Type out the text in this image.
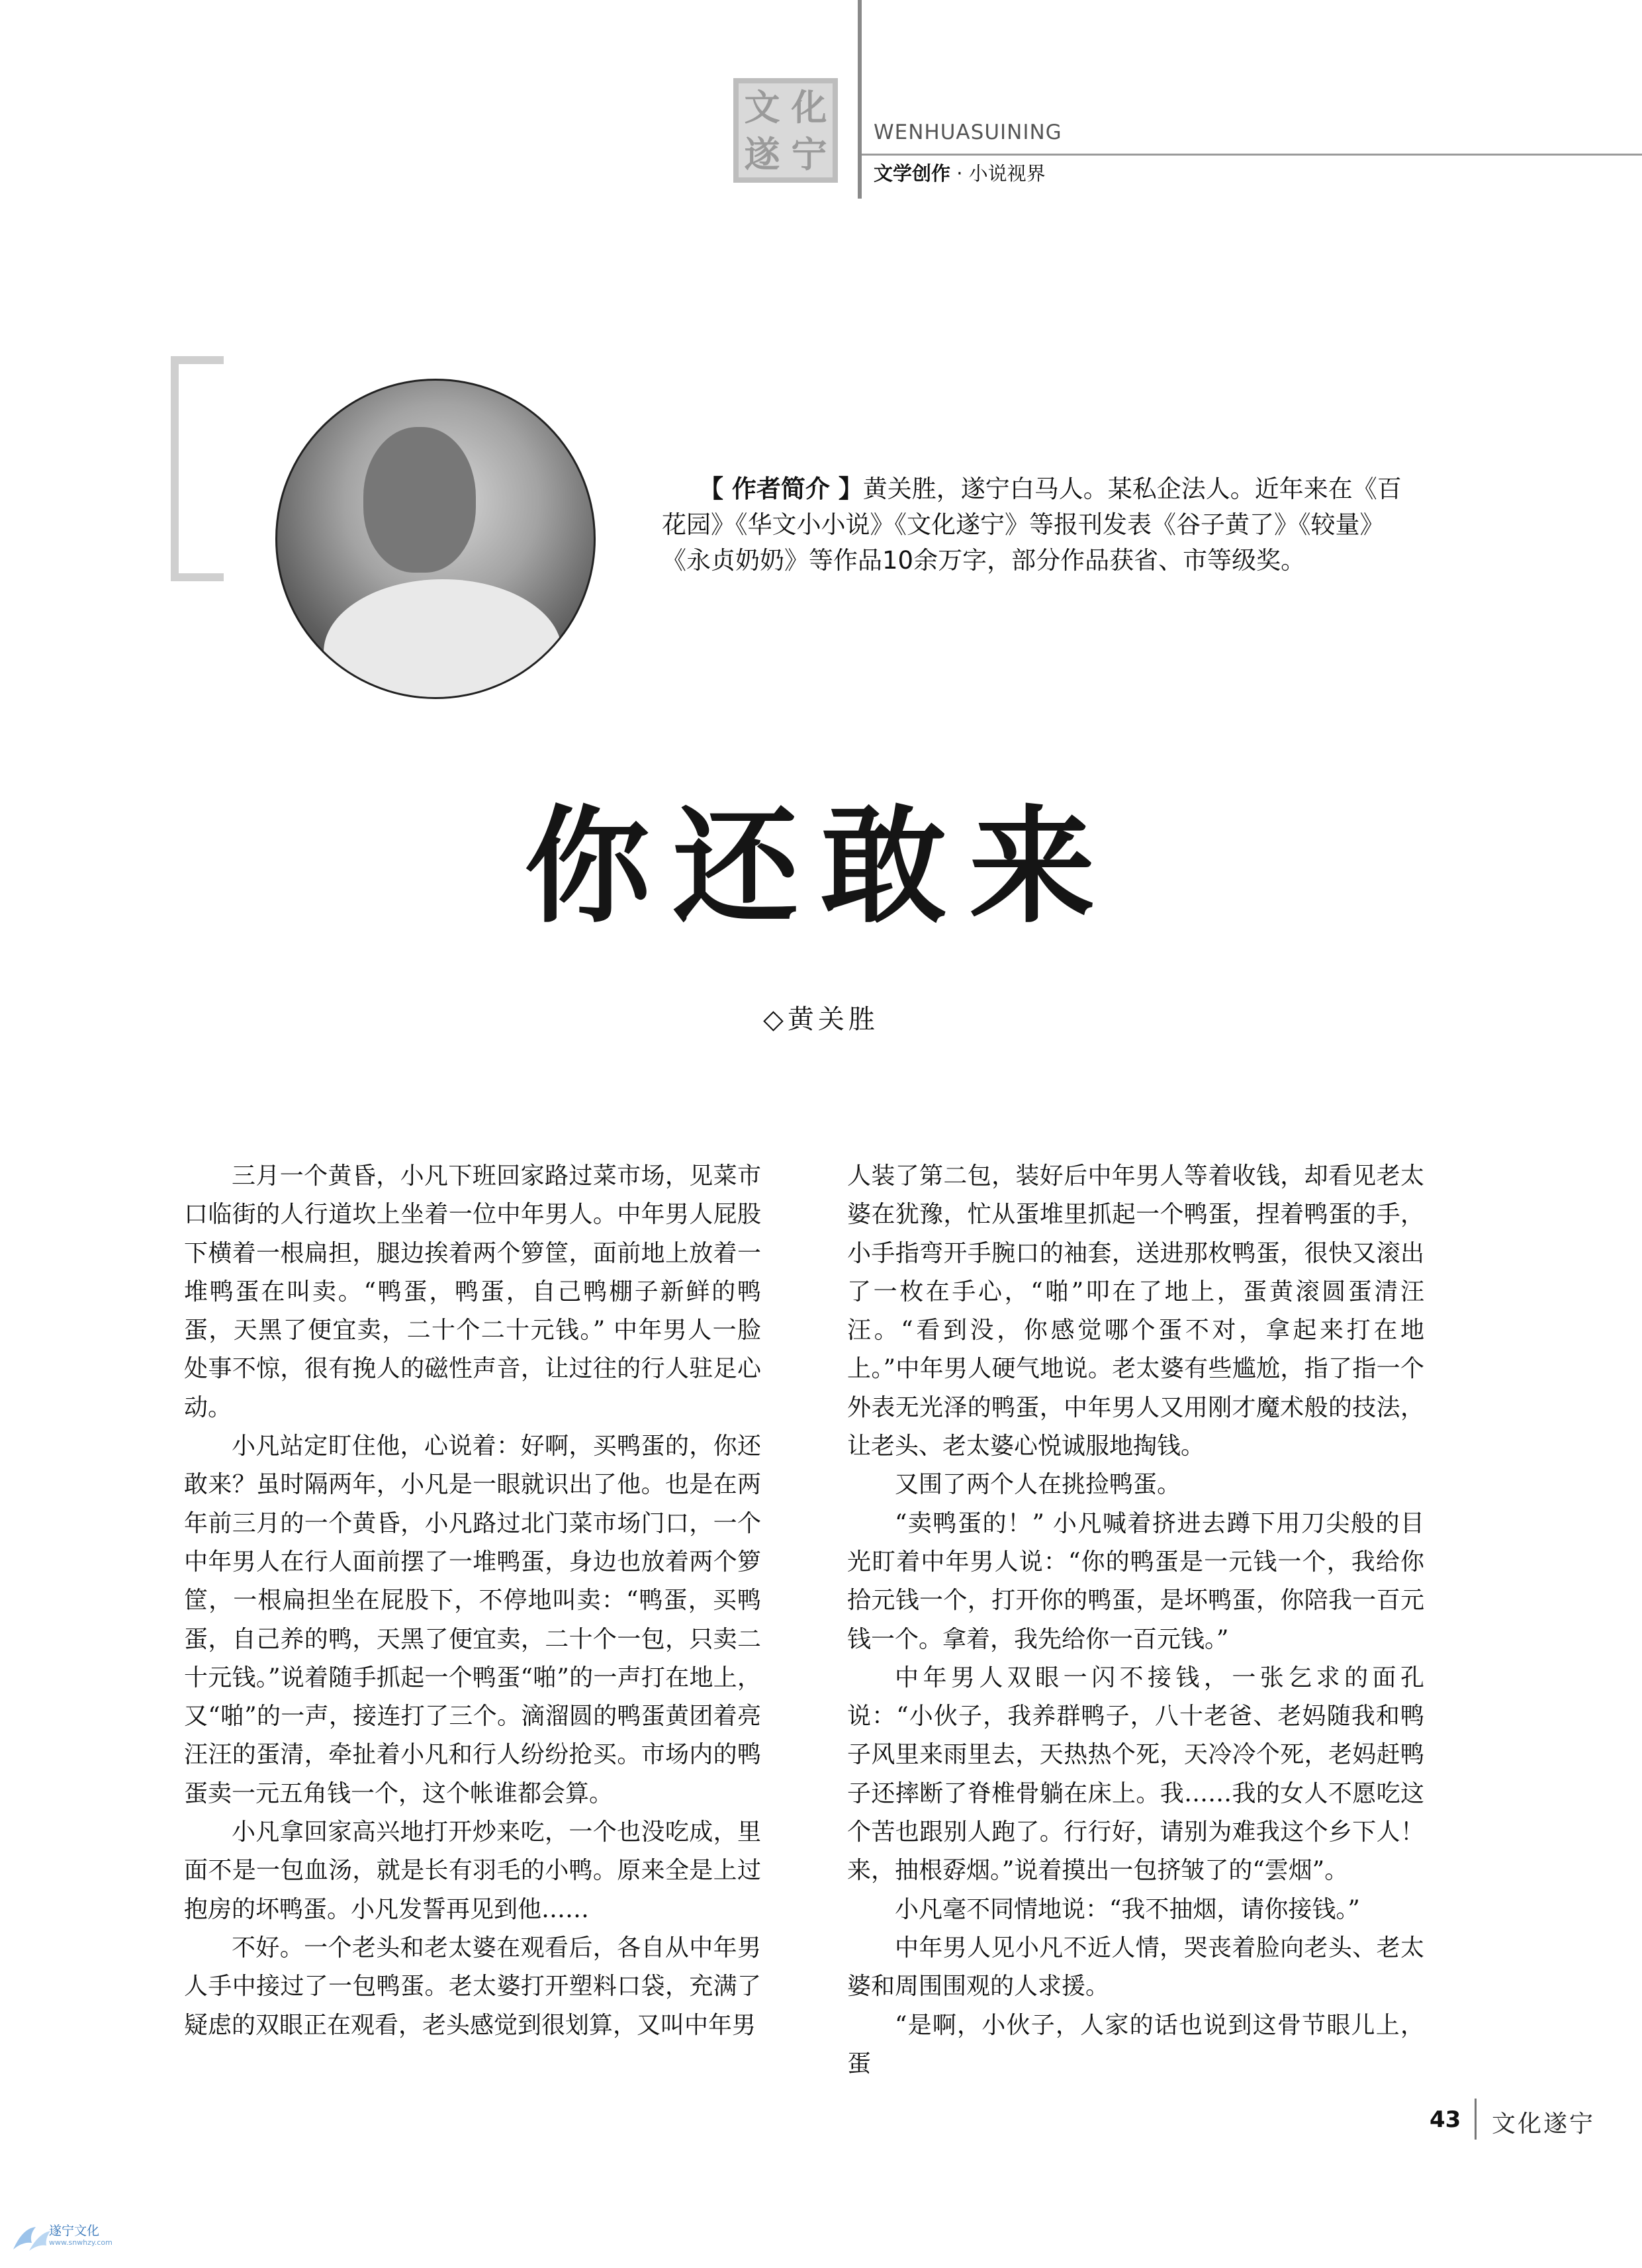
文 化
遂 宁
WENHUASUINING
文学创作 · 小说视界
【 作者简介 】黄关胜，遂宁白马人。某私企法人。近年来在《百花园》《华文小小说》《文化遂宁》等报刊发表《谷子黄了》《较量》《永贞奶奶》等作品10余万字，部分作品获省、市等级奖。
你还敢来
◇黄关胜

三月一个黄昏，小凡下班回家路过菜市场，见菜市口临街的人行道坎上坐着一位中年男人。中年男人屁股下横着一根扁担，腿边挨着两个箩筐，面前地上放着一堆鸭蛋在叫卖。“鸭蛋，鸭蛋，自己鸭棚子新鲜的鸭蛋，天黑了便宜卖，二十个二十元钱。” 中年男人一脸处事不惊，很有挽人的磁性声音，让过往的行人驻足心动。

小凡站定盯住他，心说着：好啊，买鸭蛋的，你还敢来？虽时隔两年，小凡是一眼就识出了他。也是在两年前三月的一个黄昏，小凡路过北门菜市场门口，一个中年男人在行人面前摆了一堆鸭蛋，身边也放着两个箩筐，一根扁担坐在屁股下，不停地叫卖：“鸭蛋，买鸭蛋，自己养的鸭，天黑了便宜卖，二十个一包，只卖二十元钱。”说着随手抓起一个鸭蛋“啪”的一声打在地上，又“啪”的一声，接连打了三个。滴溜圆的鸭蛋黄团着亮汪汪的蛋清，牵扯着小凡和行人纷纷抢买。市场内的鸭蛋卖一元五角钱一个，这个帐谁都会算。

小凡拿回家高兴地打开炒来吃，一个也没吃成，里面不是一包血汤，就是长有羽毛的小鸭。原来全是上过抱房的坏鸭蛋。小凡发誓再见到他……

不好。一个老头和老太婆在观看后，各自从中年男人手中接过了一包鸭蛋。老太婆打开塑料口袋，充满了疑虑的双眼正在观看，老头感觉到很划算，又叫中年男

人装了第二包，装好后中年男人等着收钱，却看见老太婆在犹豫，忙从蛋堆里抓起一个鸭蛋，捏着鸭蛋的手，小手指弯开手腕口的袖套，送进那枚鸭蛋，很快又滚出了一枚在手心，“啪”叩在了地上，蛋黄滚圆蛋清汪汪。“看到没，你感觉哪个蛋不对，拿起来打在地上。”中年男人硬气地说。老太婆有些尴尬，指了指一个外表无光泽的鸭蛋，中年男人又用刚才魔术般的技法，让老头、老太婆心悦诚服地掏钱。

又围了两个人在挑捡鸭蛋。

“卖鸭蛋的！” 小凡喊着挤进去蹲下用刀尖般的目光盯着中年男人说：“你的鸭蛋是一元钱一个，我给你拾元钱一个，打开你的鸭蛋，是坏鸭蛋，你陪我一百元钱一个。拿着，我先给你一百元钱。”

中年男人双眼一闪不接钱，一张乞求的面孔说：“小伙子，我养群鸭子，八十老爸、老妈随我和鸭子风里来雨里去，天热热个死，天冷冷个死，老妈赶鸭子还摔断了脊椎骨躺在床上。我……我的女人不愿吃这个苦也跟别人跑了。行行好，请别为难我这个乡下人！来，抽根孬烟。”说着摸出一包挤皱了的“雲烟”。

小凡毫不同情地说：“我不抽烟，请你接钱。”

中年男人见小凡不近人情，哭丧着脸向老头、老太婆和周围围观的人求援。

“是啊，小伙子，人家的话也说到这骨节眼儿上，蛋

43 文化遂宁
遂宁文化
www.snwhzy.com
